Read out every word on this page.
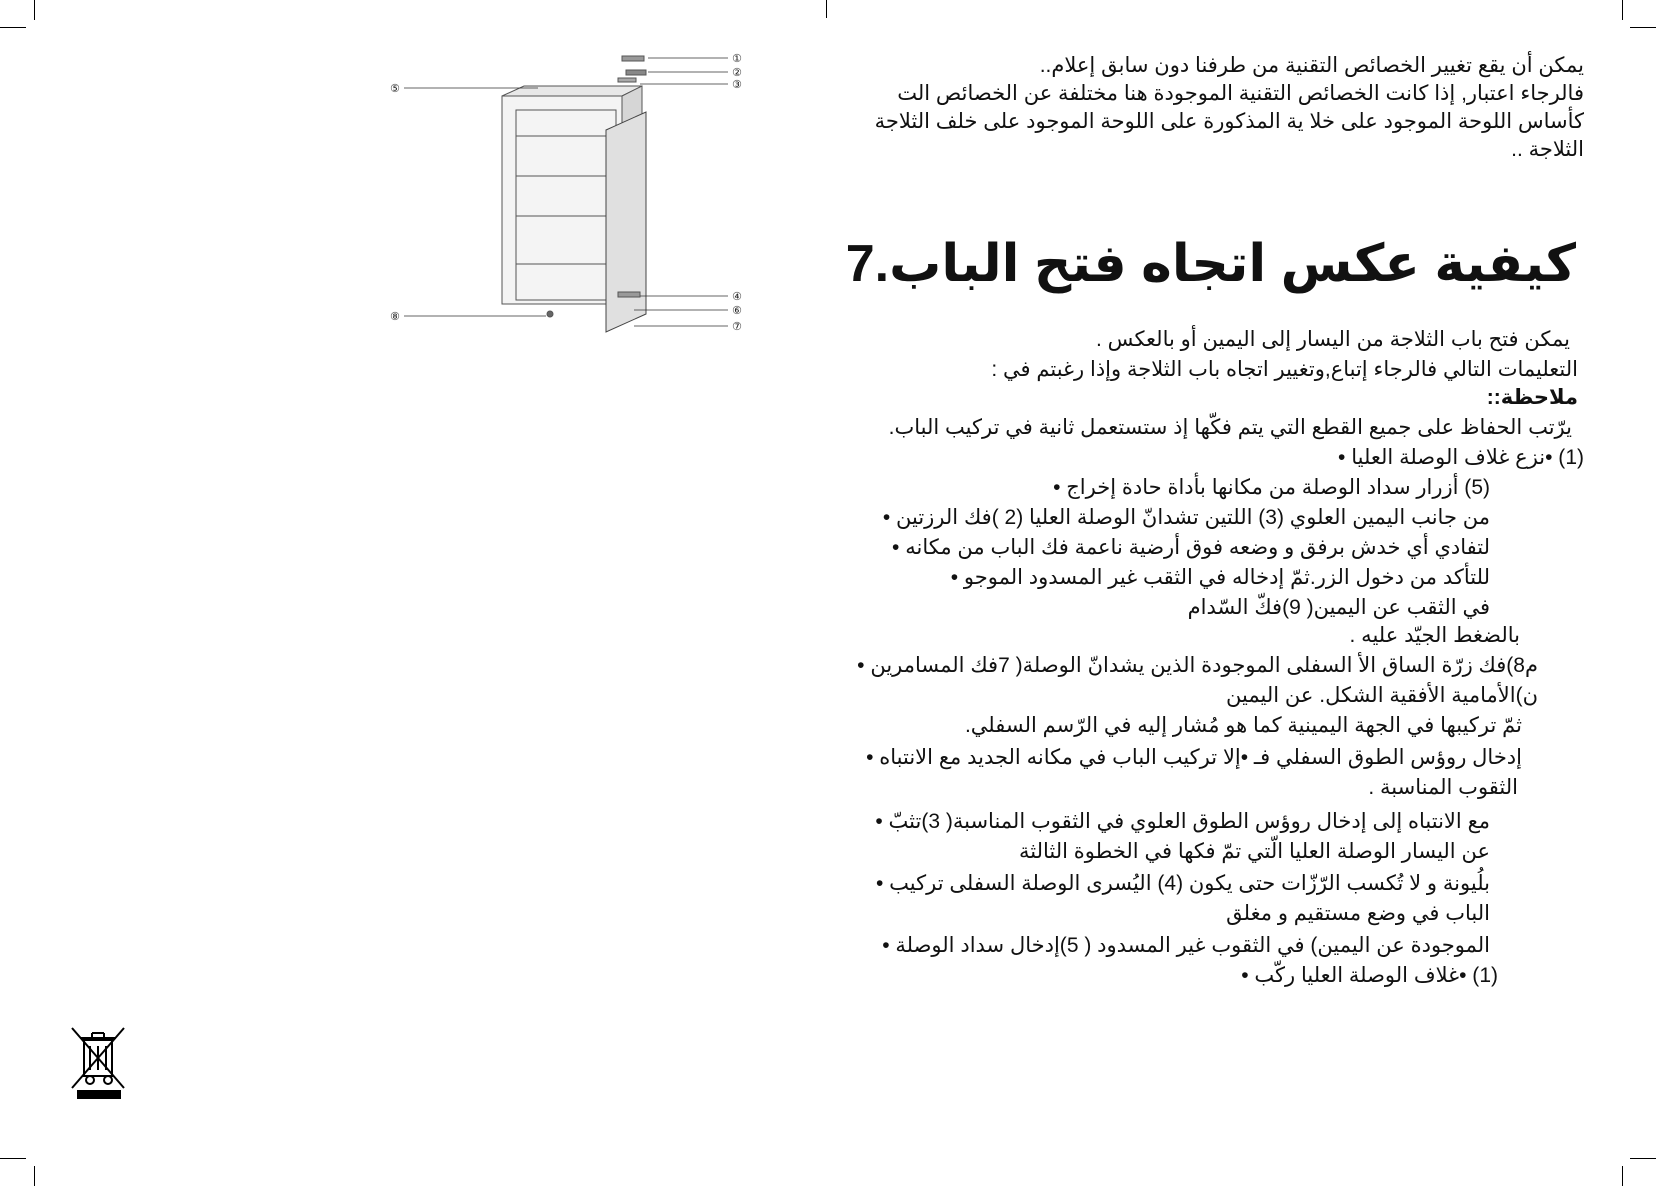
①
②
③
④
⑤
⑥
⑦
⑧
يمكن أن يقع تغيير الخصائص التقنية من طرفنا دون سابق إعلام..
فالرجاء اعتبار, إذا كانت الخصائص التقنية الموجودة هنا مختلفة عن الخصائص الت
كأساس اللوحة الموجود على خلا ية المذكورة على اللوحة الموجود على خلف الثلاجة
الثلاجة ..
كيفية عكس اتجاه فتح الباب.7
يمكن فتح باب الثلاجة من اليسار إلى اليمين أو بالعكس .
التعليمات التالي فالرجاء إتباع,وتغيير اتجاه باب الثلاجة وإذا رغبتم في :
ملاحظة::
يرّتب الحفاظ على جميع القطع التي يتم فكّها إذ ستستعمل ثانية في تركيب الباب.
(1) •نزع غلاف الوصلة العليا •
(5) أزرار سداد الوصلة من مكانها بأداة حادة إخراج •
من جانب اليمين العلوي (3) اللتين تشدانّ الوصلة العليا (2 )فك الرزتين •
لتفادي أي خدش برفق و وضعه فوق أرضية ناعمة فك الباب من مكانه •
للتأكد من دخول الزر.ثمّ إدخاله في الثقب غير المسدود الموجو •
في الثقب عن اليمين( 9)فكّ السّدام
بالضغط الجيّد عليه .
م8)فك زرّة الساق الأ السفلى الموجودة الذين يشدانّ الوصلة( 7فك المسامرين •
ن)الأمامية الأفقية الشكل. عن اليمين
ثمّ تركيبها في الجهة اليمينية كما هو مُشار إليه في الرّسم السفلي.
إدخال روؤس الطوق السفلي فـ •إلا تركيب الباب في مكانه الجديد مع الانتباه •
الثقوب المناسبة .
مع الانتباه إلى إدخال روؤس الطوق العلوي في الثقوب المناسبة( 3)تثبّ •
عن اليسار الوصلة العليا الّتي تمّ فكها في الخطوة الثالثة
بلُيونة و لا تُكسب الرّزّات حتى يكون (4) اليُسرى الوصلة السفلى تركيب •
الباب في وضع مستقيم و مغلق
الموجودة عن اليمين) في الثقوب غير المسدود ( 5)إدخال سداد الوصلة •
(1) •غلاف الوصلة العليا ركّب •
